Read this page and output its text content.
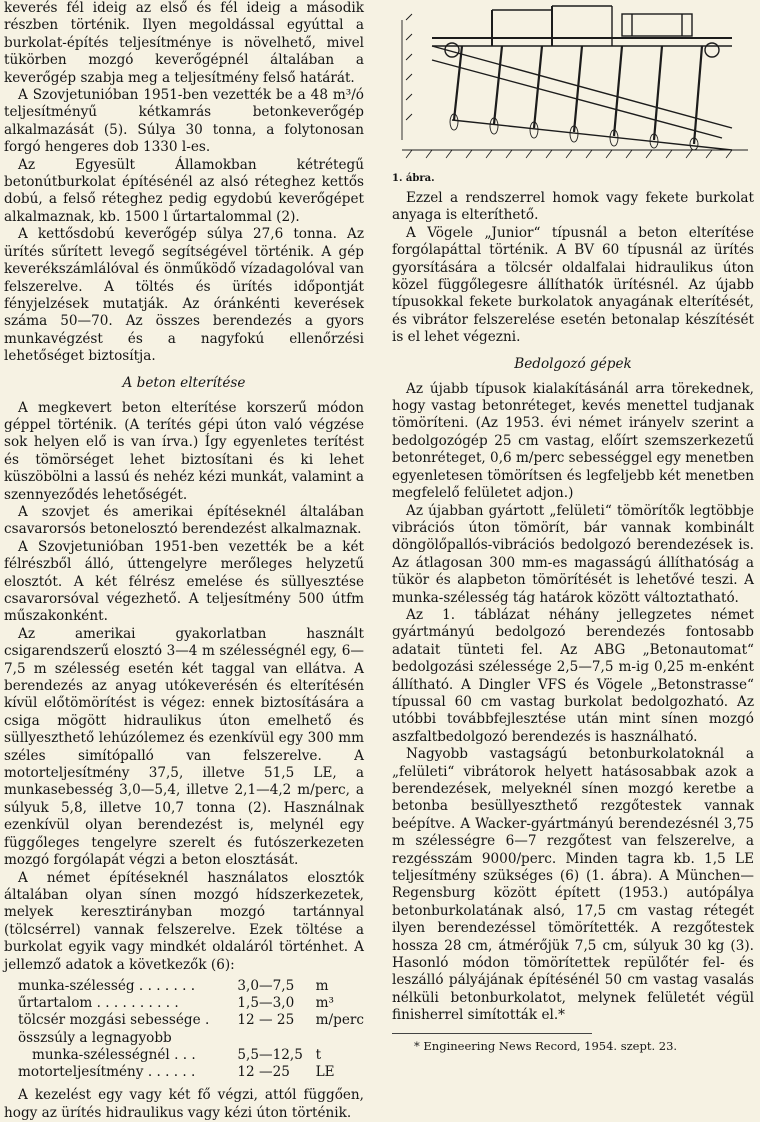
keverés fél ideig az első és fél ideig a második részben történik. Ilyen megoldással egyúttal a burkolat-építés teljesítménye is növelhető, mivel tükörben mozgó keverőgépnél általában a keverőgép szabja meg a teljesítmény felső határát.

A Szovjetunióban 1951-ben vezették be a 48 m³/ó teljesítményű kétkamrás betonkeverőgép alkalmazását (5). Súlya 30 tonna, a folytonosan forgó hengeres dob 1330 l-es.

Az Egyesült Államokban kétrétegű betonútburkolat építésénél az alsó réteghez kettős dobú, a felső réteghez pedig egydobú keverőgépet alkalmaznak, kb. 1500 l űrtartalommal (2).

A kettősdobú keverőgép súlya 27,6 tonna. Az ürítés sűrített levegő segítségével történik. A gép keverékszámlálóval és önműködő vízadagolóval van felszerelve. A töltés és ürítés időpontját fényjelzések mutatják. Az óránkénti keverések száma 50—70. Az összes berendezés a gyors munkavégzést és a nagyfokú ellenőrzési lehetőséget biztosítja.

A beton elterítése

A megkevert beton elterítése korszerű módon géppel történik. (A terítés gépi úton való végzése sok helyen elő is van írva.) Így egyenletes terítést és tömörséget lehet biztosítani és ki lehet küszöbölni a lassú és nehéz kézi munkát, valamint a szennyeződés lehetőségét.

A szovjet és amerikai építéseknél általában csavarorsós betonelosztó berendezést alkalmaznak.

A Szovjetunióban 1951-ben vezették be a két félrészből álló, úttengelyre merőleges helyzetű elosztót. A két félrész emelése és süllyesztése csavarorsóval végezhető. A teljesítmény 500 útfm műszakonként.

Az amerikai gyakorlatban használt csigarendszerű elosztó 3—4 m szélességnél egy, 6—7,5 m szélesség esetén két taggal van ellátva. A berendezés az anyag utókeverésén és elterítésén kívül előtömörítést is végez: ennek biztosítására a csiga mögött hidraulikus úton emelhető és süllyeszthető lehúzólemez és ezenkívül egy 300 mm széles simítópalló van felszerelve. A motorteljesítmény 37,5, illetve 51,5 LE, a munkasebesség 3,0—5,4, illetve 2,1—4,2 m/perc, a súlyuk 5,8, illetve 10,7 tonna (2). Használnak ezenkívül olyan berendezést is, melynél egy függőleges tengelyre szerelt és futószerkezeten mozgó forgólapát végzi a beton elosztását.

A német építéseknél használatos elosztók általában olyan sínen mozgó hídszerkezetek, melyek keresztirányban mozgó tartánnyal (tölcsérrel) vannak felszerelve. Ezek töltése a burkolat egyik vagy mindkét oldaláról történhet. A jellemző adatok a következők (6):

munka-szélesség . . . . . . .	3,0—7,5	m
űrtartalom . . . . . . . . . .	1,5—3,0	m³
tölcsér mozgási sebessége .	12 — 25	m/perc
összsúly a legnagyobb		
munka-szélességnél . . .	5,5—12,5	t
motorteljesítmény . . . . . .	12 —25	LE

A kezelést egy vagy két fő végzi, attól függően, hogy az ürítés hidraulikus vagy kézi úton történik.

1. ábra.

Ezzel a rendszerrel homok vagy fekete burkolat anyaga is elteríthető.

A Vögele „Junior“ típusnál a beton elterítése forgólapáttal történik. A BV 60 típusnál az ürítés gyorsítására a tölcsér oldalfalai hidraulikus úton közel függőlegesre állíthatók ürítésnél. Az újabb típusokkal fekete burkolatok anyagának elterítését, és vibrátor felszerelése esetén betonalap készítését is el lehet végezni.

Bedolgozó gépek

Az újabb típusok kialakításánál arra törekednek, hogy vastag betonréteget, kevés menettel tudjanak tömöríteni. (Az 1953. évi német irányelv szerint a bedolgozógép 25 cm vastag, előírt szemszerkezetű betonréteget, 0,6 m/perc sebességgel egy menetben egyenletesen tömörítsen és legfeljebb két menetben megfelelő felületet adjon.)

Az újabban gyártott „felületi“ tömörítők legtöbbje vibrációs úton tömörít, bár vannak kombinált döngölőpallós-vibrációs bedolgozó berendezések is. Az átlagosan 300 mm-es magasságú állíthatóság a tükör és alapbeton tömörítését is lehetővé teszi. A munka-szélesség tág határok között változtatható.

Az 1. táblázat néhány jellegzetes német gyártmányú bedolgozó berendezés fontosabb adatait tünteti fel. Az ABG „Betonautomat“ bedolgozási szélessége 2,5—7,5 m-ig 0,25 m-enként állítható. A Dingler VFS és Vögele „Betonstrasse“ típussal 60 cm vastag burkolat bedolgozható. Az utóbbi továbbfejlesztése után mint sínen mozgó aszfaltbedolgozó berendezés is használható.

Nagyobb vastagságú betonburkolatoknál a „felületi“ vibrátorok helyett hatásosabbak azok a berendezések, melyeknél sínen mozgó keretbe a betonba besüllyeszthető rezgőtestek vannak beépítve. A Wacker-gyártmányú berendezésnél 3,75 m szélességre 6—7 rezgőtest van felszerelve, a rezgésszám 9000/perc. Minden tagra kb. 1,5 LE teljesítmény szükséges (6) (1. ábra). A München—Regensburg között épített (1953.) autópálya betonburkolatának alsó, 17,5 cm vastag rétegét ilyen berendezéssel tömörítették. A rezgőtestek hossza 28 cm, átmérőjük 7,5 cm, súlyuk 30 kg (3). Hasonló módon tömörítettek repülőtér fel- és leszálló pályájának építésénél 50 cm vastag vasalás nélküli betonburkolatot, melynek felületét végül finisherrel simították el.*

* Engineering News Record, 1954. szept. 23.
